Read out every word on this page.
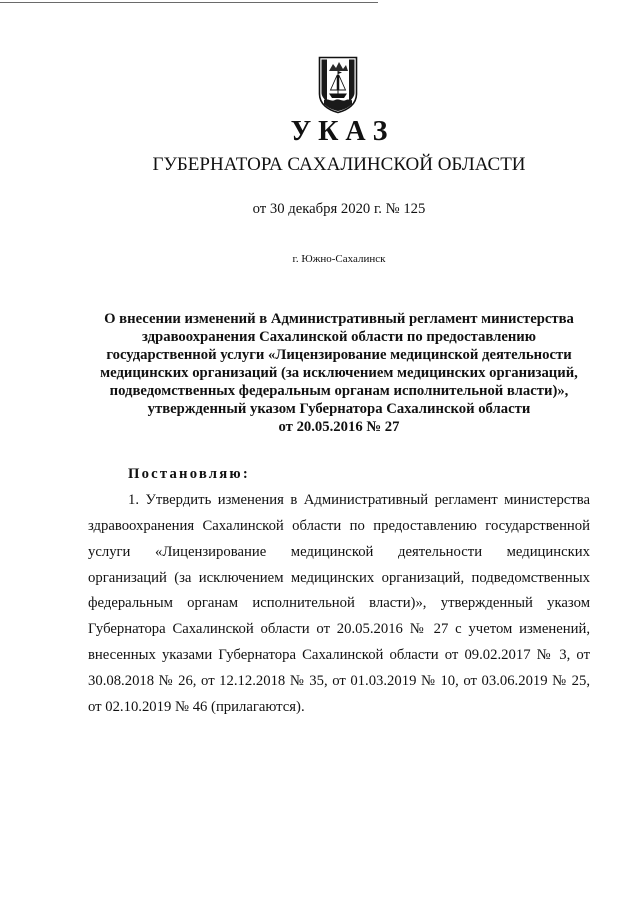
У К А З
ГУБЕРНАТОРА САХАЛИНСКОЙ ОБЛАСТИ
от 30 декабря 2020 г. № 125
г. Южно-Сахалинск
О внесении изменений в Административный регламент министерства
здравоохранения Сахалинской области по предоставлению
государственной услуги «Лицензирование медицинской деятельности
медицинских организаций (за исключением медицинских организаций,
подведомственных федеральным органам исполнительной власти)»,
утвержденный указом Губернатора Сахалинской области
от 20.05.2016 № 27
Постановляю:
1. Утвердить изменения в Административный регламент министерства
здравоохранения Сахалинской области по предоставлению государственной
услуги «Лицензирование медицинской деятельности медицинских
организаций (за исключением медицинских организаций, подведомственных
федеральным органам исполнительной власти)», утвержденный указом
Губернатора Сахалинской области от 20.05.2016 № 27 с учетом изменений,
внесенных указами Губернатора Сахалинской области от 09.02.2017 № 3, от
30.08.2018 № 26, от 12.12.2018 № 35, от 01.03.2019 № 10, от 03.06.2019 № 25,
от 02.10.2019 № 46 (прилагаются).
